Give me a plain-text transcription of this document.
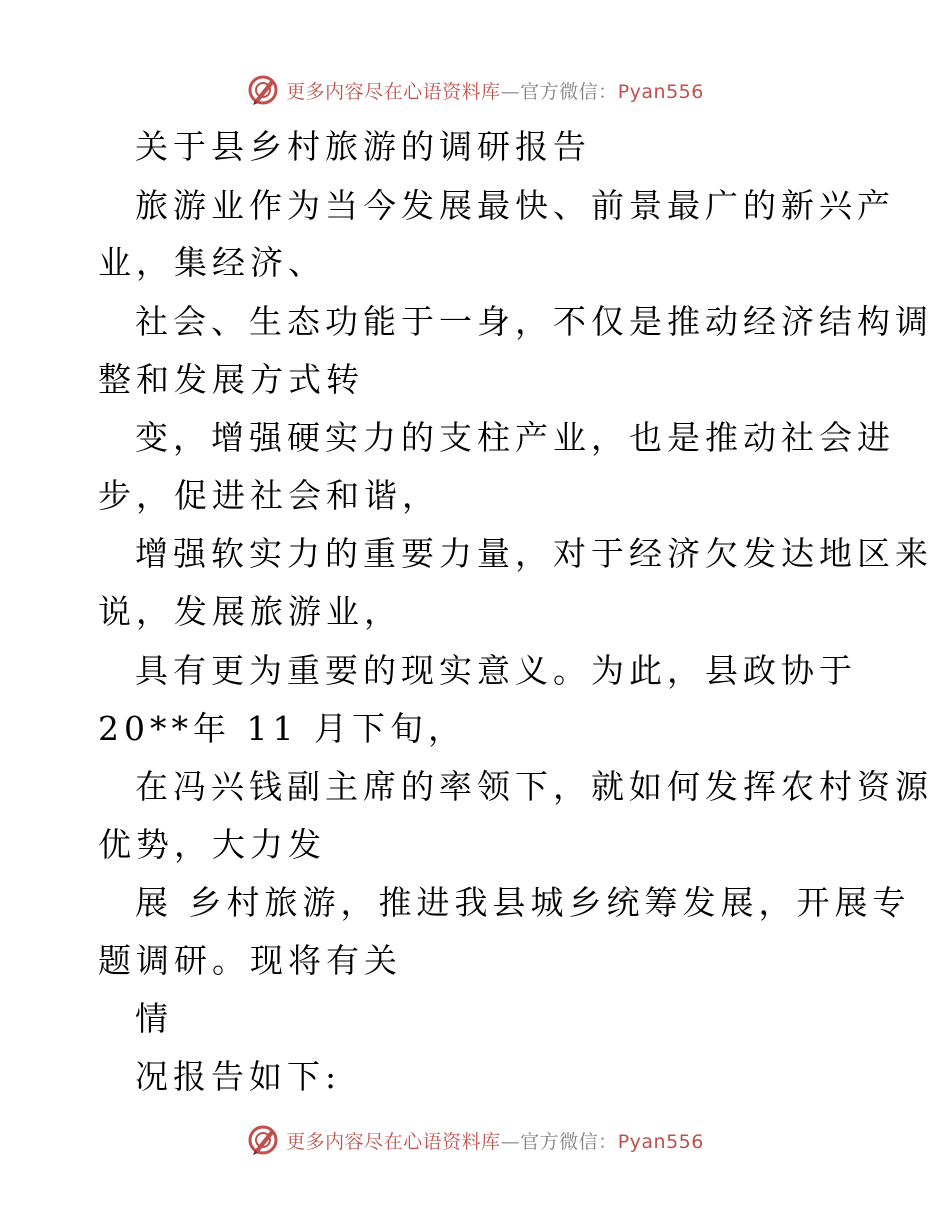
更多内容尽在心语资料库—官方微信：Pyan556
关于县乡村旅游的调研报告
旅游业作为当今发展最快、前景最广的新兴产
业，集经济、
社会、生态功能于一身，不仅是推动经济结构调
整和发展方式转
变，增强硬实力的支柱产业，也是推动社会进
步，促进社会和谐，
增强软实力的重要力量，对于经济欠发达地区来
说，发展旅游业，
具有更为重要的现实意义。为此，县政协于
20**年 11 月下旬，
在冯兴钱副主席的率领下，就如何发挥农村资源
优势，大力发
展 乡村旅游，推进我县城乡统筹发展，开展专
题调研。现将有关
情
况报告如下:
更多内容尽在心语资料库—官方微信：Pyan556
